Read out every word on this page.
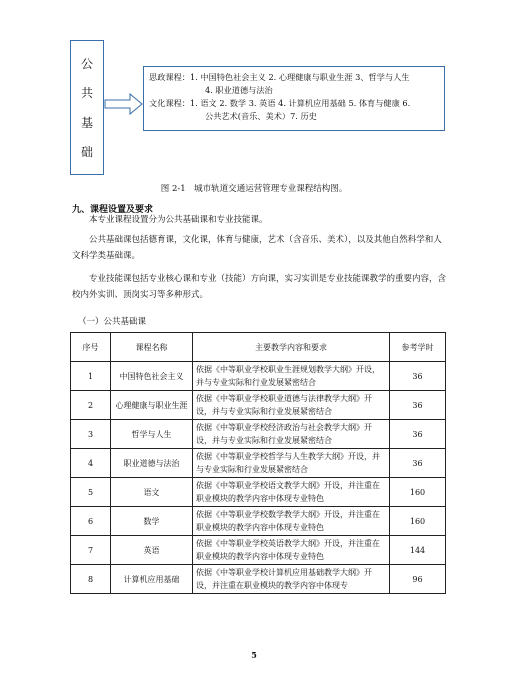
公
共
基
础
思政课程：1. 中国特色社会主义 2. 心理健康与职业生涯 3、哲学与人生
4. 职业道德与法治
文化课程：1. 语文 2. 数学 3. 英语 4. 计算机应用基础 5. 体育与健康 6.
公共艺术(音乐、美术）7. 历史
图 2-1　城市轨道交通运营管理专业课程结构图。
九、课程设置及要求
本专业课程设置分为公共基础课和专业技能课。
公共基础课包括德育课，文化课，体育与健康，艺术（含音乐、美术），以及其他自然科学和人文科学类基础课。
专业技能课包括专业核心课和专业（技能）方向课，实习实训是专业技能课教学的重要内容，含校内外实训、顶岗实习等多种形式。
（一）公共基础课
序号	课程名称	主要教学内容和要求	参考学时
1	中国特色社会主义	依据《中等职业学校职业生涯规划教学大纲》开设，并与专业实际和行业发展紧密结合	36
2	心理健康与职业生涯	依据《中等职业学校职业道德与法律教学大纲》开设，并与专业实际和行业发展紧密结合	36
3	哲学与人生	依据《中等职业学校经济政治与社会教学大纲》开设，并与专业实际和行业发展紧密结合	36
4	职业道德与法治	依据《中等职业学校哲学与人生教学大纲》开设，并与专业实际和行业发展紧密结合	36
5	语文	依据《中等职业学校语文教学大纲》开设，并注重在职业模块的教学内容中体现专业特色	160
6	数学	依据《中等职业学校数学教学大纲》开设，并注重在职业模块的教学内容中体现专业特色	160
7	英语	依据《中等职业学校英语教学大纲》开设，并注重在职业模块的教学内容中体现专业特色	144
8	计算机应用基础	依据《中等职业学校计算机应用基础教学大纲》开设，并注重在职业模块的教学内容中体现专	96
5
